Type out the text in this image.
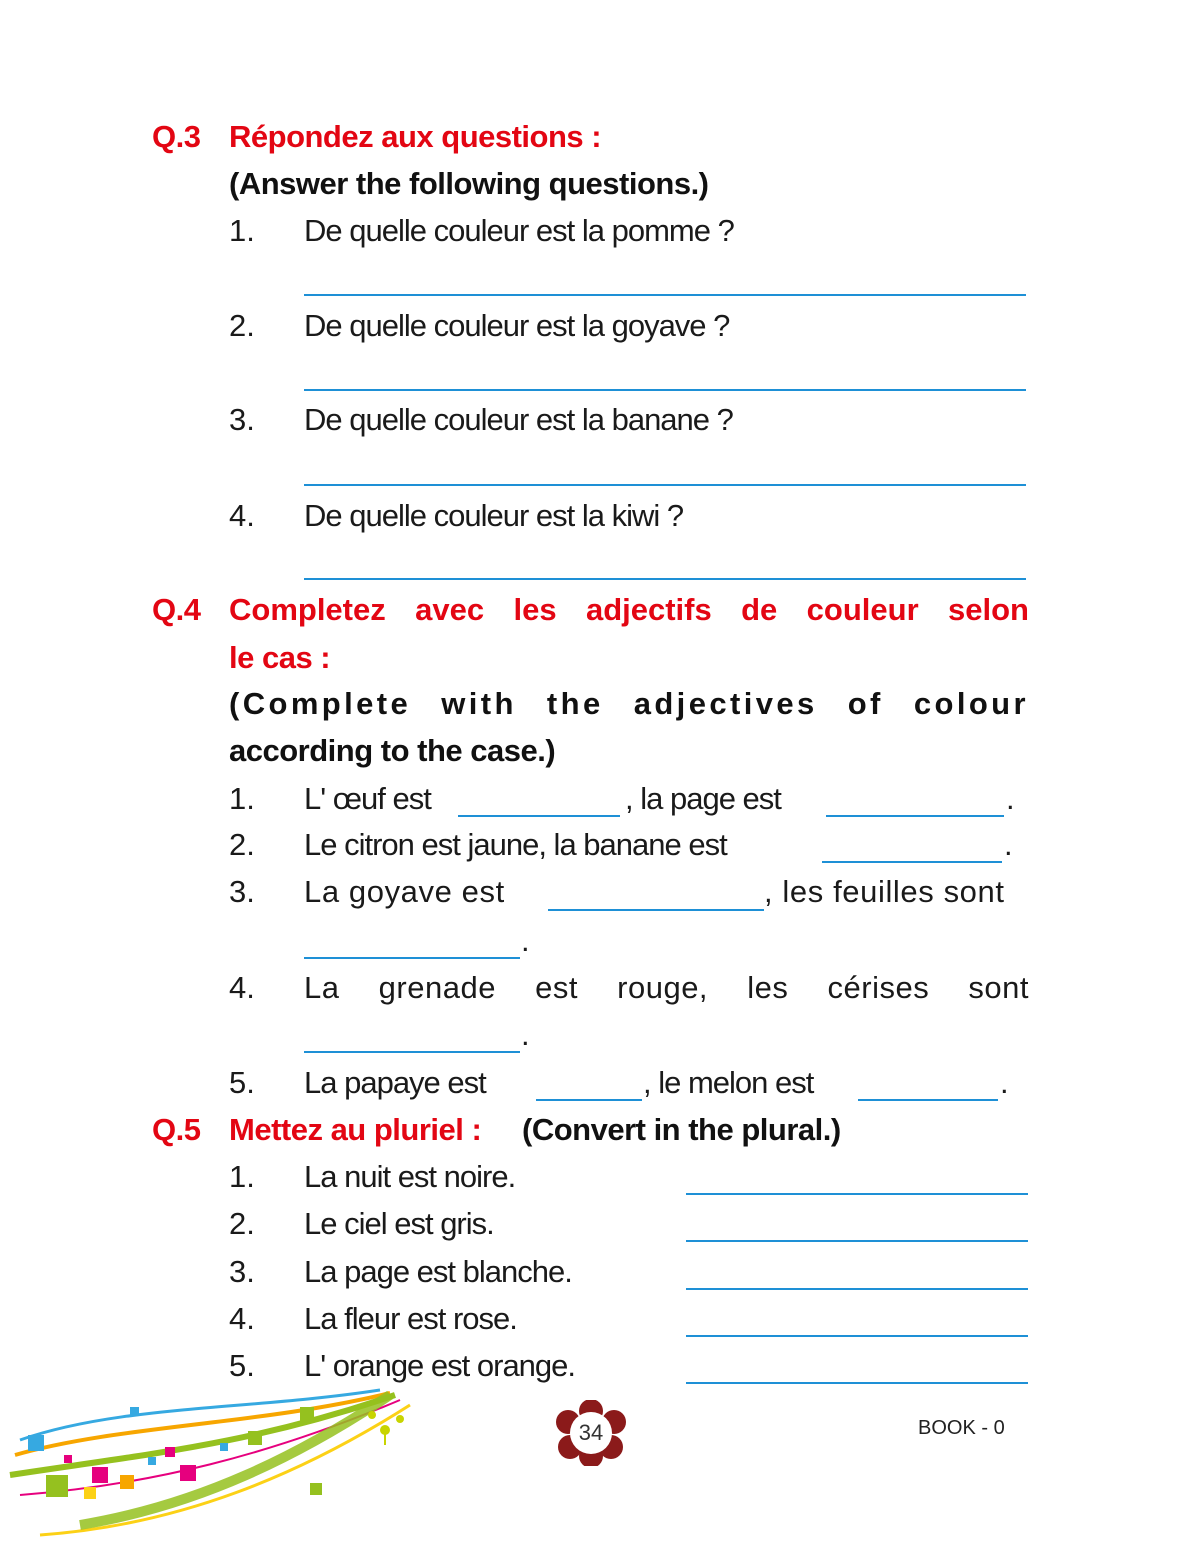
Q.3 Répondez aux questions :
(Answer the following questions.)
1. De quelle couleur est la pomme ?
2. De quelle couleur est la goyave ?
3. De quelle couleur est la banane ?
4. De quelle couleur est la kiwi ?
Q.4 Completez avec les adjectifs de couleur selon
le cas :
(Complete with the adjectives of colour
according to the case.)
1. L' œuf est	, la page est	.
2. Le citron est jaune, la banane est	.
3. La goyave est	, les feuilles sont
.
4. La grenade est rouge, les cérises sont
.
5. La papaye est	, le melon est	.
Q.5 Mettez au pluriel : (Convert in the plural.)
1. La nuit est noire.
2. Le ciel est gris.
3. La page est blanche.
4. La fleur est rose.
5. L' orange est orange.
34	BOOK - 0
